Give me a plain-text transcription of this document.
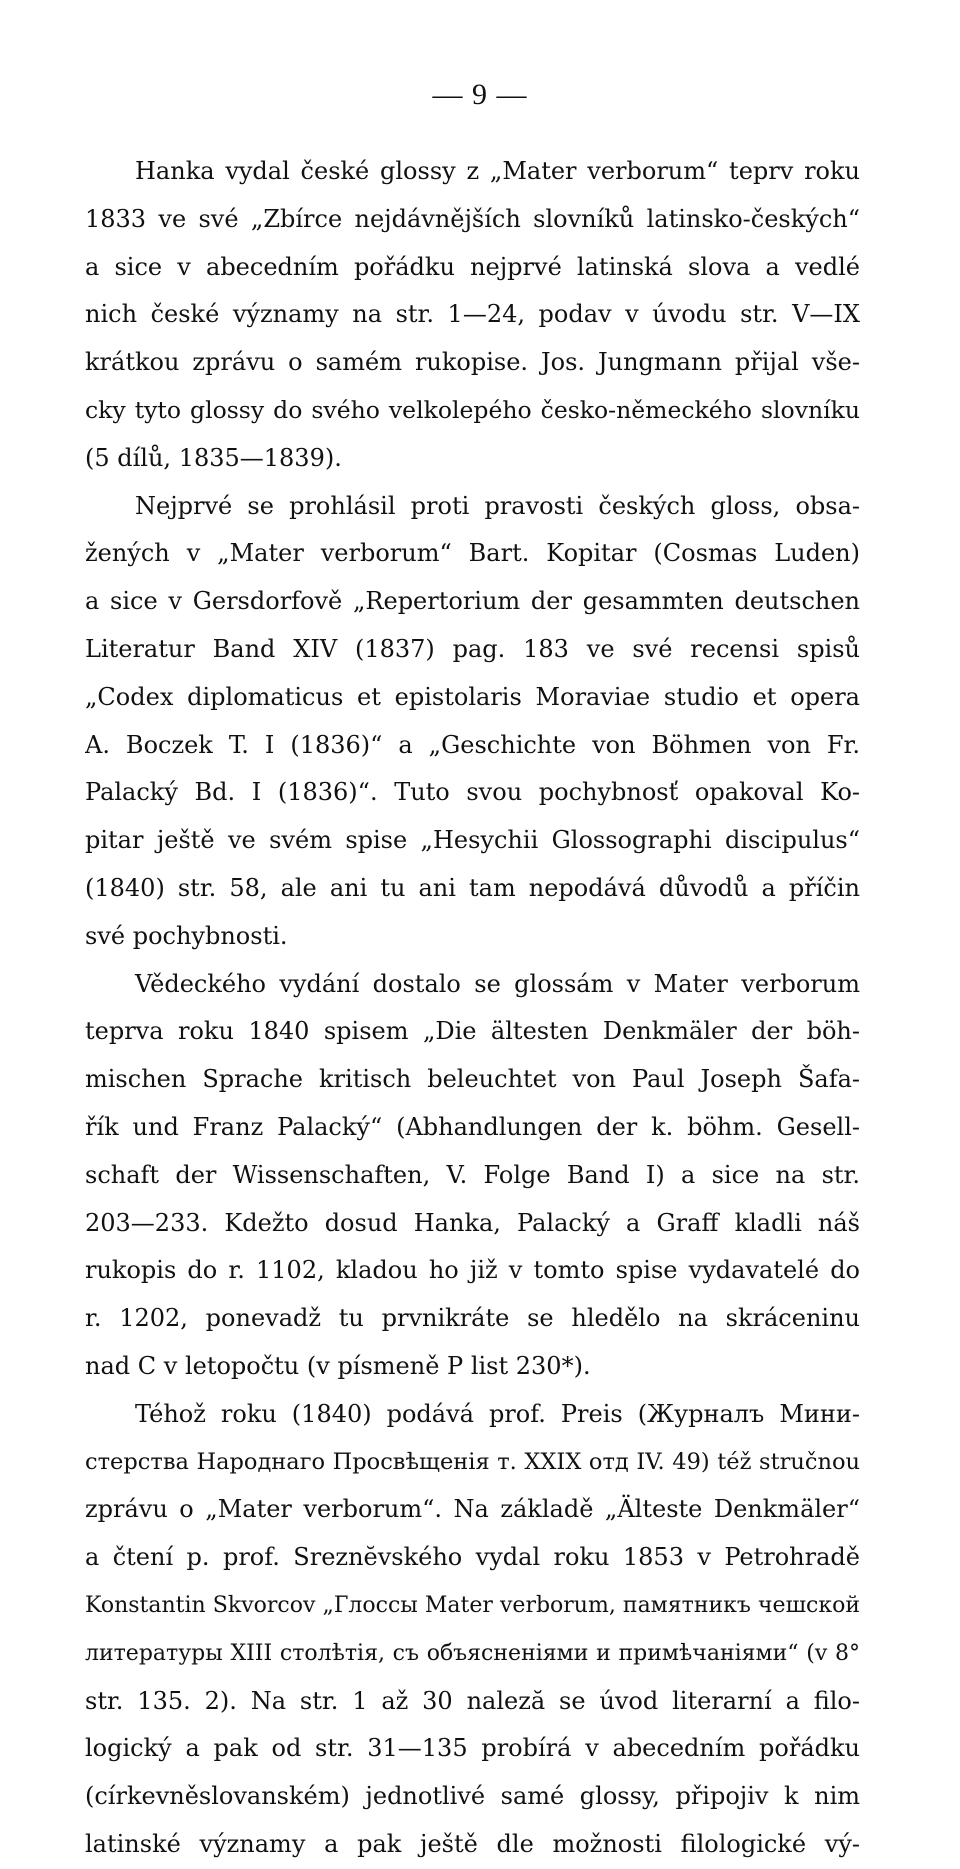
— 9 —
Hanka vydal české glossy z „Mater verborum“ teprv roku
1833 ve své „Zbírce nejdávnějších slovníků latinsko-českých“
a sice v abecedním pořádku nejprvé latinská slova a vedlé
nich české významy na str. 1—24, podav v úvodu str. V—IX
krátkou zprávu o samém rukopise. Jos. Jungmann přijal vše-
cky tyto glossy do svého velkolepého česko-německého slovníku
(5 dílů, 1835—1839).
Nejprvé se prohlásil proti pravosti českých gloss, obsa-
žených v „Mater verborum“ Bart. Kopitar (Cosmas Luden)
a sice v Gersdorfově „Repertorium der gesammten deutschen
Literatur Band XIV (1837) pag. 183 ve své recensi spisů
„Codex diplomaticus et epistolaris Moraviae studio et opera
A. Boczek T. I (1836)“ a „Geschichte von Böhmen von Fr.
Palacký Bd. I (1836)“. Tuto svou pochybnosť opakoval Ko-
pitar ještě ve svém spise „Hesychii Glossographi discipulus“
(1840) str. 58, ale ani tu ani tam nepodává důvodů a příčin
své pochybnosti.
Vědeckého vydání dostalo se glossám v Mater verborum
teprva roku 1840 spisem „Die ältesten Denkmäler der böh-
mischen Sprache kritisch beleuchtet von Paul Joseph Šafa-
řík und Franz Palacký“ (Abhandlungen der k. böhm. Gesell-
schaft der Wissenschaften, V. Folge Band I) a sice na str.
203—233. Kdežto dosud Hanka, Palacký a Graff kladli náš
rukopis do r. 1102, kladou ho již v tomto spise vydavatelé do
r. 1202, ponevadž tu prvnikráte se hledělo na skráceninu
nad C v letopočtu (v písmeně P list 230*).
Téhož roku (1840) podává prof. Preis (Журналъ Мини-
стерства Народнаго Просвѣщенія т. XXIX отд IV. 49) též stručnou
zprávu o „Mater verborum“. Na základě „Älteste Denkmäler“
a čtení p. prof. Sreznĕvského vydal roku 1853 v Petrohradě
Konstantin Skvorcov „Глоссы Mater verborum, памятникъ чешской
литературы XIII столѣтія, съ объясненіями и примѣчаніями“ (v 8°
str. 135. 2). Na str. 1 až 30 naleză se úvod literarní a filo-
logický a pak od str. 31—135 probírá v abecedním pořádku
(církevněslovanském) jednotlivé samé glossy, připojiv k nim
latinské významy a pak ještě dle možnosti filologické vý-
